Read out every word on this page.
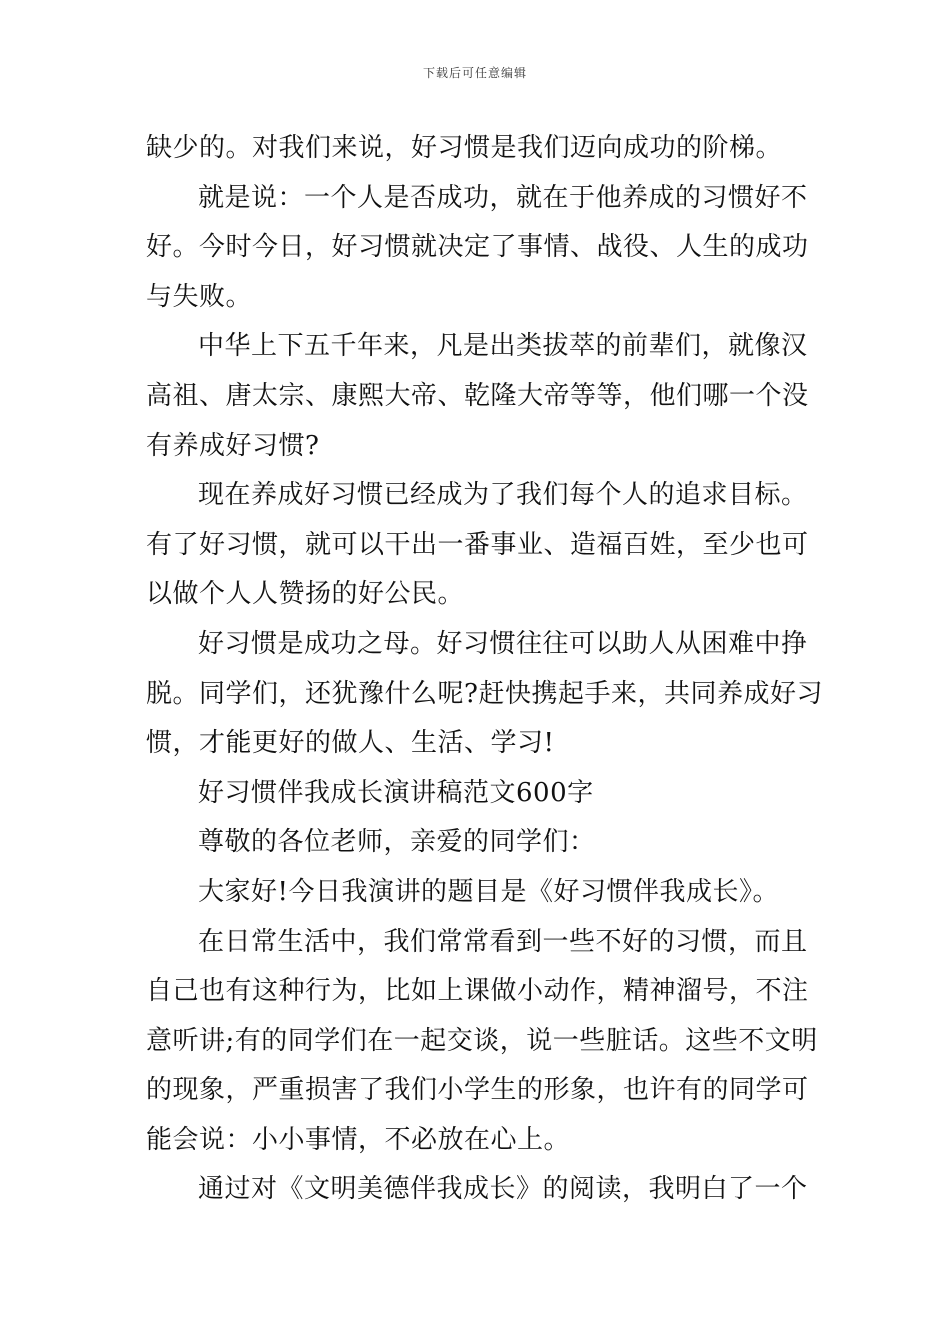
下载后可任意编辑
缺少的。对我们来说，好习惯是我们迈向成功的阶梯。
就是说：一个人是否成功，就在于他养成的习惯好不
好。今时今日，好习惯就决定了事情、战役、人生的成功
与失败。
中华上下五千年来，凡是出类拔萃的前辈们，就像汉
高祖、唐太宗、康熙大帝、乾隆大帝等等，他们哪一个没
有养成好习惯?
现在养成好习惯已经成为了我们每个人的追求目标。
有了好习惯，就可以干出一番事业、造福百姓，至少也可
以做个人人赞扬的好公民。
好习惯是成功之母。好习惯往往可以助人从困难中挣
脱。同学们，还犹豫什么呢?赶快携起手来，共同养成好习
惯，才能更好的做人、生活、学习!
好习惯伴我成长演讲稿范文600字
尊敬的各位老师，亲爱的同学们：
大家好!今日我演讲的题目是《好习惯伴我成长》。
在日常生活中，我们常常看到一些不好的习惯，而且
自己也有这种行为，比如上课做小动作，精神溜号，不注
意听讲;有的同学们在一起交谈，说一些脏话。这些不文明
的现象，严重损害了我们小学生的形象，也许有的同学可
能会说：小小事情，不必放在心上。
通过对《文明美德伴我成长》的阅读，我明白了一个
